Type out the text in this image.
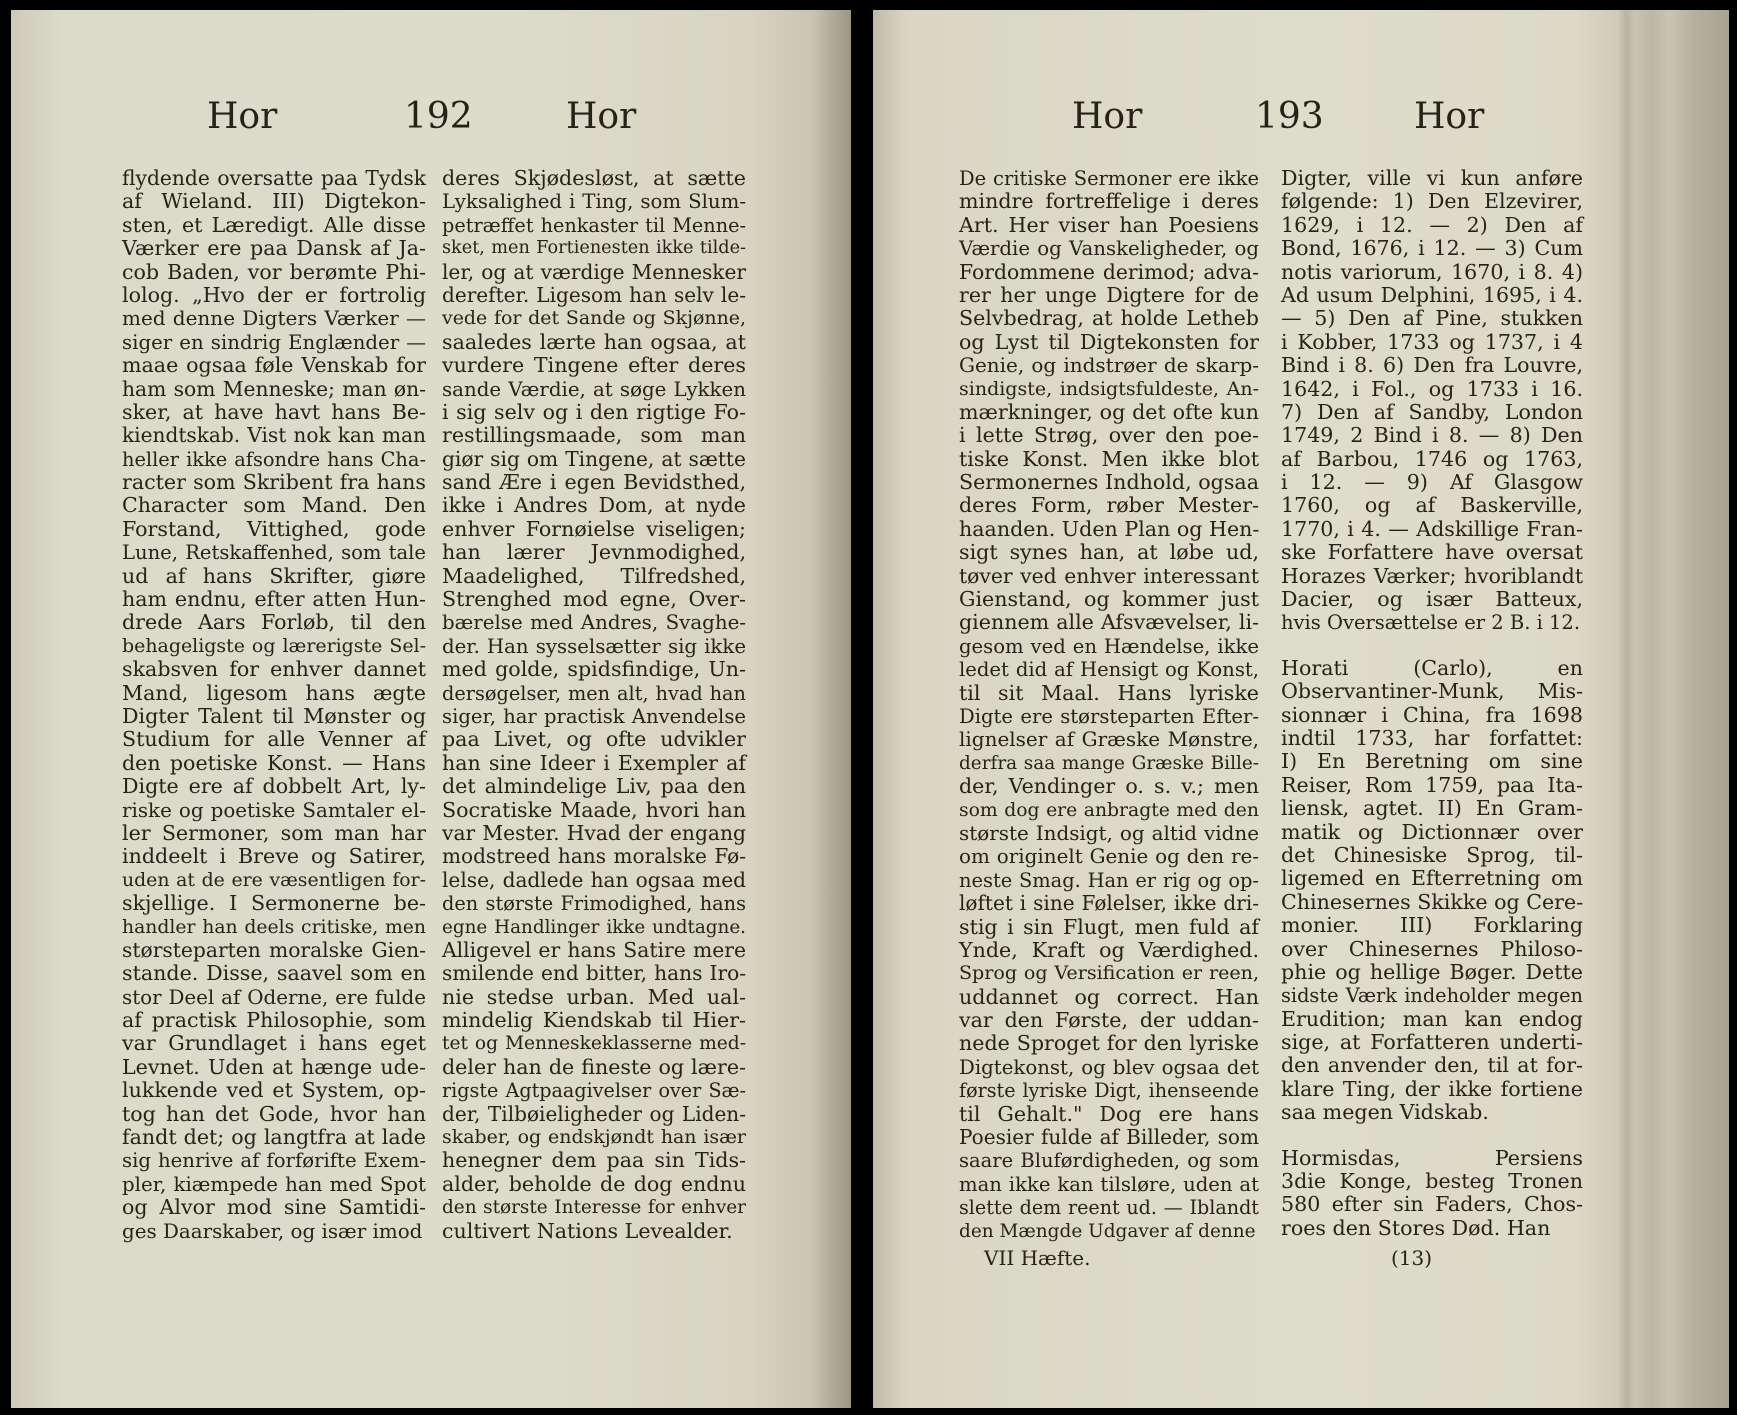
Hor	192	Hor
flydende oversatte paa Tydsk
af Wieland. III) Digtekon-
sten, et Læredigt. Alle disse
Værker ere paa Dansk af Ja-
cob Baden, vor berømte Phi-
lolog. „Hvo der er fortrolig
med denne Digters Værker —
siger en sindrig Englænder —
maae ogsaa føle Venskab for
ham som Menneske; man øn-
sker, at have havt hans Be-
kiendtskab. Vist nok kan man
heller ikke afsondre hans Cha-
racter som Skribent fra hans
Character som Mand. Den
Forstand, Vittighed, gode
Lune, Retskaffenhed, som tale
ud af hans Skrifter, giøre
ham endnu, efter atten Hun-
drede Aars Forløb, til den
behageligste og lærerigste Sel-
skabsven for enhver dannet
Mand, ligesom hans ægte
Digter Talent til Mønster og
Studium for alle Venner af
den poetiske Konst. — Hans
Digte ere af dobbelt Art, ly-
riske og poetiske Samtaler el-
ler Sermoner, som man har
inddeelt i Breve og Satirer,
uden at de ere væsentligen for-
skjellige. I Sermonerne be-
handler han deels critiske, men
størsteparten moralske Gien-
stande. Disse, saavel som en
stor Deel af Oderne, ere fulde
af practisk Philosophie, som
var Grundlaget i hans eget
Levnet. Uden at hænge ude-
lukkende ved et System, op-
tog han det Gode, hvor han
fandt det; og langtfra at lade
sig henrive af forførifte Exem-
pler, kiæmpede han med Spot
og Alvor mod sine Samtidi-
ges Daarskaber, og især imod
deres Skjødesløst, at sætte
Lyksalighed i Ting, som Slum-
petræffet henkaster til Menne-
sket, men Fortienesten ikke tilde-
ler, og at værdige Mennesker
derefter. Ligesom han selv le-
vede for det Sande og Skjønne,
saaledes lærte han ogsaa, at
vurdere Tingene efter deres
sande Værdie, at søge Lykken
i sig selv og i den rigtige Fo-
restillingsmaade, som man
giør sig om Tingene, at sætte
sand Ære i egen Bevidsthed,
ikke i Andres Dom, at nyde
enhver Fornøielse viseligen;
han lærer Jevnmodighed,
Maadelighed, Tilfredshed,
Strenghed mod egne, Over-
bærelse med Andres, Svaghe-
der. Han sysselsætter sig ikke
med golde, spidsfindige, Un-
dersøgelser, men alt, hvad han
siger, har practisk Anvendelse
paa Livet, og ofte udvikler
han sine Ideer i Exempler af
det almindelige Liv, paa den
Socratiske Maade, hvori han
var Mester. Hvad der engang
modstreed hans moralske Fø-
lelse, dadlede han ogsaa med
den største Frimodighed, hans
egne Handlinger ikke undtagne.
Alligevel er hans Satire mere
smilende end bitter, hans Iro-
nie stedse urban. Med ual-
mindelig Kiendskab til Hier-
tet og Menneskeklasserne med-
deler han de fineste og lære-
rigste Agtpaagivelser over Sæ-
der, Tilbøieligheder og Liden-
skaber, og endskjøndt han især
henegner dem paa sin Tids-
alder, beholde de dog endnu
den største Interesse for enhver
cultivert Nations Levealder.
Hor	193	Hor
De critiske Sermoner ere ikke
mindre fortreffelige i deres
Art. Her viser han Poesiens
Værdie og Vanskeligheder, og
Fordommene derimod; adva-
rer her unge Digtere for de
Selvbedrag, at holde Letheb
og Lyst til Digtekonsten for
Genie, og indstrøer de skarp-
sindigste, indsigtsfuldeste, An-
mærkninger, og det ofte kun
i lette Strøg, over den poe-
tiske Konst. Men ikke blot
Sermonernes Indhold, ogsaa
deres Form, røber Mester-
haanden. Uden Plan og Hen-
sigt synes han, at løbe ud,
tøver ved enhver interessant
Gienstand, og kommer just
giennem alle Afsvævelser, li-
gesom ved en Hændelse, ikke
ledet did af Hensigt og Konst,
til sit Maal. Hans lyriske
Digte ere størsteparten Efter-
lignelser af Græske Mønstre,
derfra saa mange Græske Bille-
der, Vendinger o. s. v.; men
som dog ere anbragte med den
største Indsigt, og altid vidne
om originelt Genie og den re-
neste Smag. Han er rig og op-
løftet i sine Følelser, ikke dri-
stig i sin Flugt, men fuld af
Ynde, Kraft og Værdighed.
Sprog og Versification er reen,
uddannet og correct. Han
var den Første, der uddan-
nede Sproget for den lyriske
Digtekonst, og blev ogsaa det
første lyriske Digt, ihenseende
til Gehalt." Dog ere hans
Poesier fulde af Billeder, som
saare Bluførdigheden, og som
man ikke kan tilsløre, uden at
slette dem reent ud. — Iblandt
den Mængde Udgaver af denne
Digter, ville vi kun anføre
følgende: 1) Den Elzevirer,
1629, i 12. — 2) Den af
Bond, 1676, i 12. — 3) Cum
notis variorum, 1670, i 8. 4)
Ad usum Delphini, 1695, i 4.
— 5) Den af Pine, stukken
i Kobber, 1733 og 1737, i 4
Bind i 8. 6) Den fra Louvre,
1642, i Fol., og 1733 i 16.
7) Den af Sandby, London
1749, 2 Bind i 8. — 8) Den
af Barbou, 1746 og 1763,
i 12. — 9) Af Glasgow
1760, og af Baskerville,
1770, i 4. — Adskillige Fran-
ske Forfattere have oversat
Horazes Værker; hvoriblandt
Dacier, og især Batteux,
hvis Oversættelse er 2 B. i 12.
Horati (Carlo), en
Observantiner-Munk, Mis-
sionnær i China, fra 1698
indtil 1733, har forfattet:
I) En Beretning om sine
Reiser, Rom 1759, paa Ita-
liensk, agtet. II) En Gram-
matik og Dictionnær over
det Chinesiske Sprog, til-
ligemed en Efterretning om
Chinesernes Skikke og Cere-
monier. III) Forklaring
over Chinesernes Philoso-
phie og hellige Bøger. Dette
sidste Værk indeholder megen
Erudition; man kan endog
sige, at Forfatteren underti-
den anvender den, til at for-
klare Ting, der ikke fortiene
saa megen Vidskab.
Hormisdas, Persiens
3die Konge, besteg Tronen
580 efter sin Faders, Chos-
roes den Stores Død. Han
VII Hæfte.	(13)
